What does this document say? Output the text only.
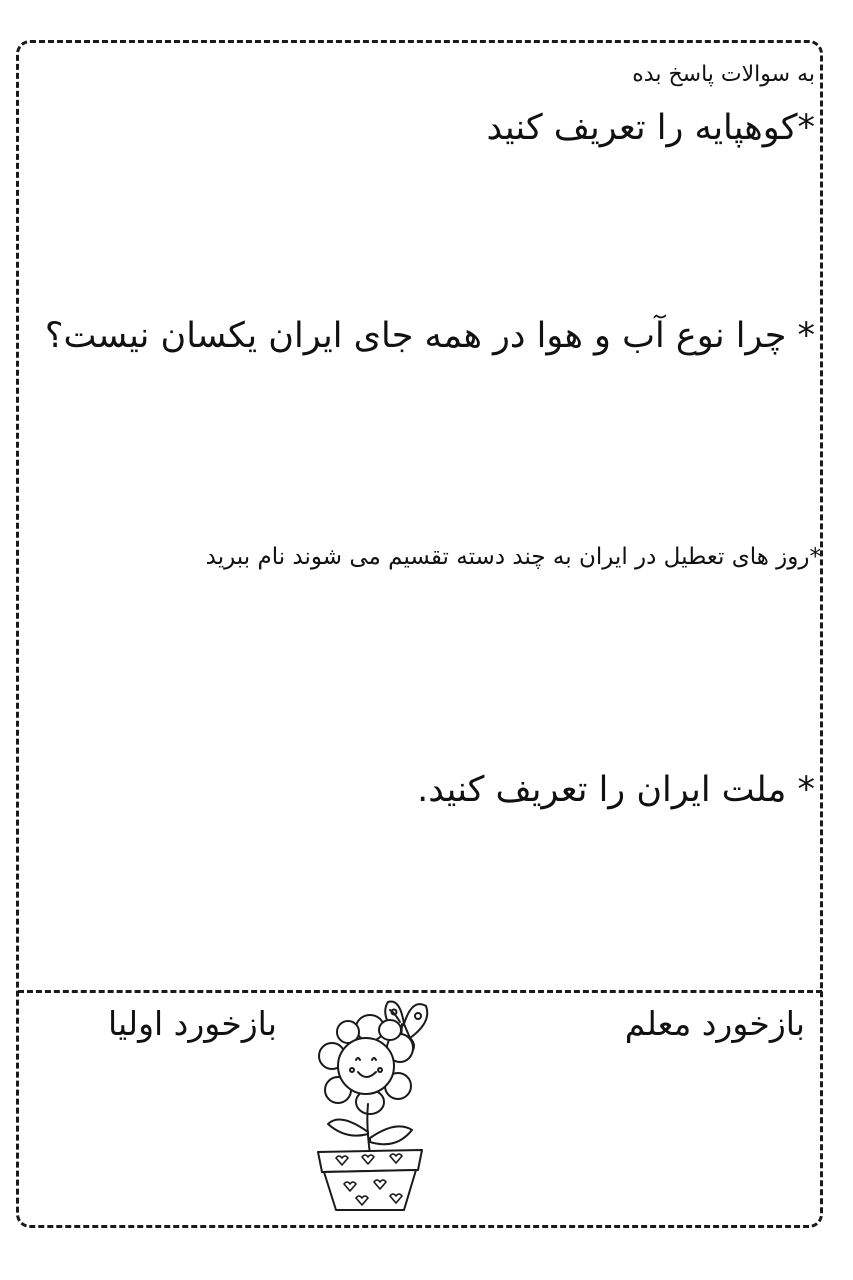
به سوالات پاسخ بده
*کوهپایه را تعریف کنید
* چرا نوع آب و هوا در همه جای ایران یکسان نیست؟
*روز های تعطیل در ایران به چند دسته تقسیم می شوند نام ببرید
* ملت ایران را تعریف کنید.
بازخورد معلم
بازخورد اولیا
